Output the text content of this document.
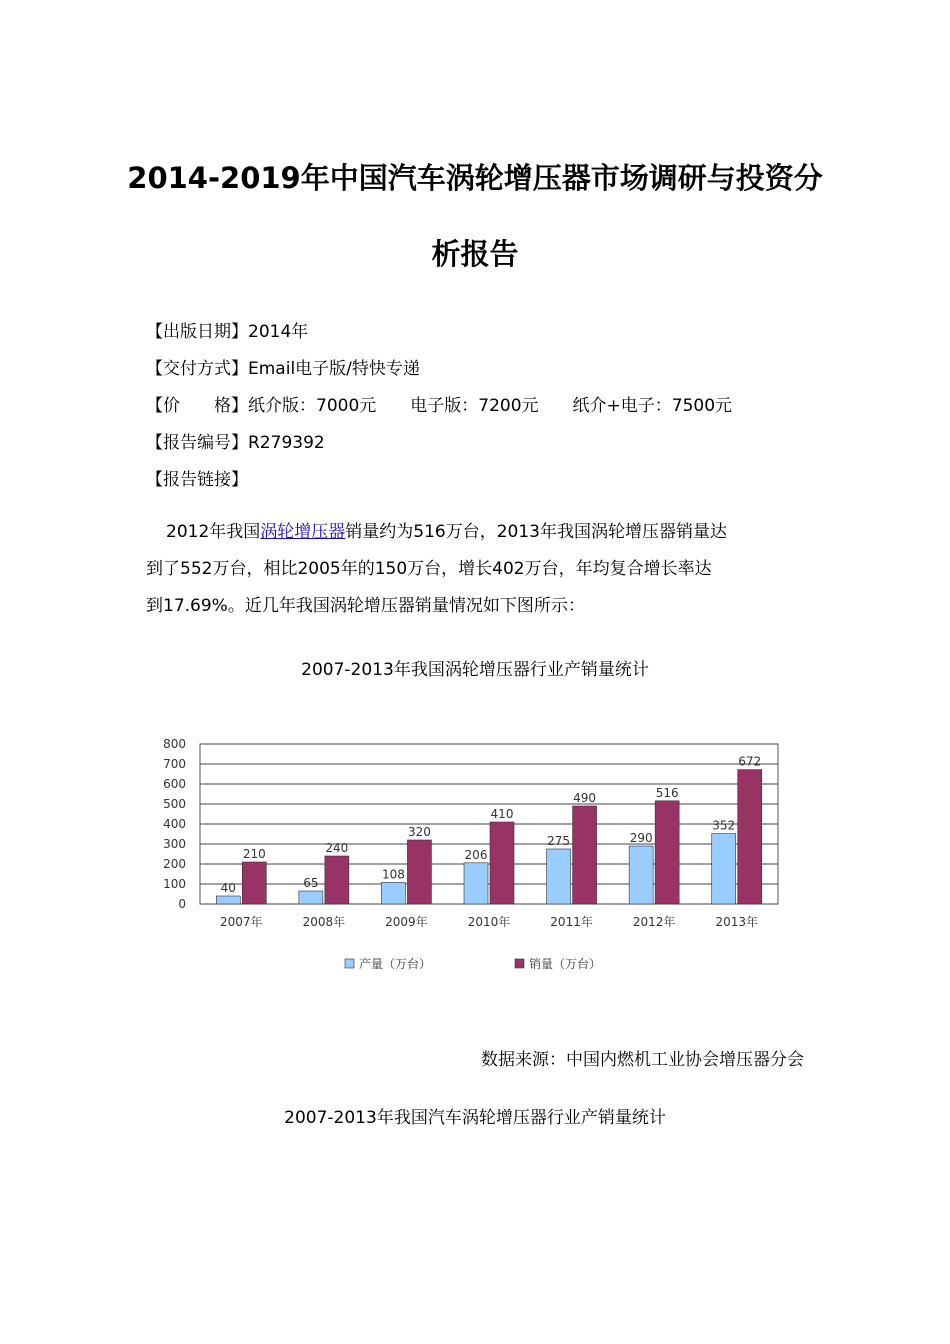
2014-2019年中国汽车涡轮增压器市场调研与投资分
析报告
【出版日期】2014年
【交付方式】Email电子版/特快专递
【价　　格】纸介版：7000元　　电子版：7200元　　纸介+电子：7500元
【报告编号】R279392
【报告链接】
2012年我国涡轮增压器销量约为516万台，2013年我国涡轮增压器销量达
到了552万台，相比2005年的150万台，增长402万台，年均复合增长率达
到17.69%。近几年我国涡轮增压器销量情况如下图所示：
2007-2013年我国涡轮增压器行业产销量统计
0
100
200
300
400
500
600
700
800
40
210
2007年
65
240
2008年
108
320
2009年
206
410
2010年
275
490
2011年
290
516
2012年
352
672
2013年
产量（万台）	销量（万台）
数据来源：中国内燃机工业协会增压器分会
2007-2013年我国汽车涡轮增压器行业产销量统计
